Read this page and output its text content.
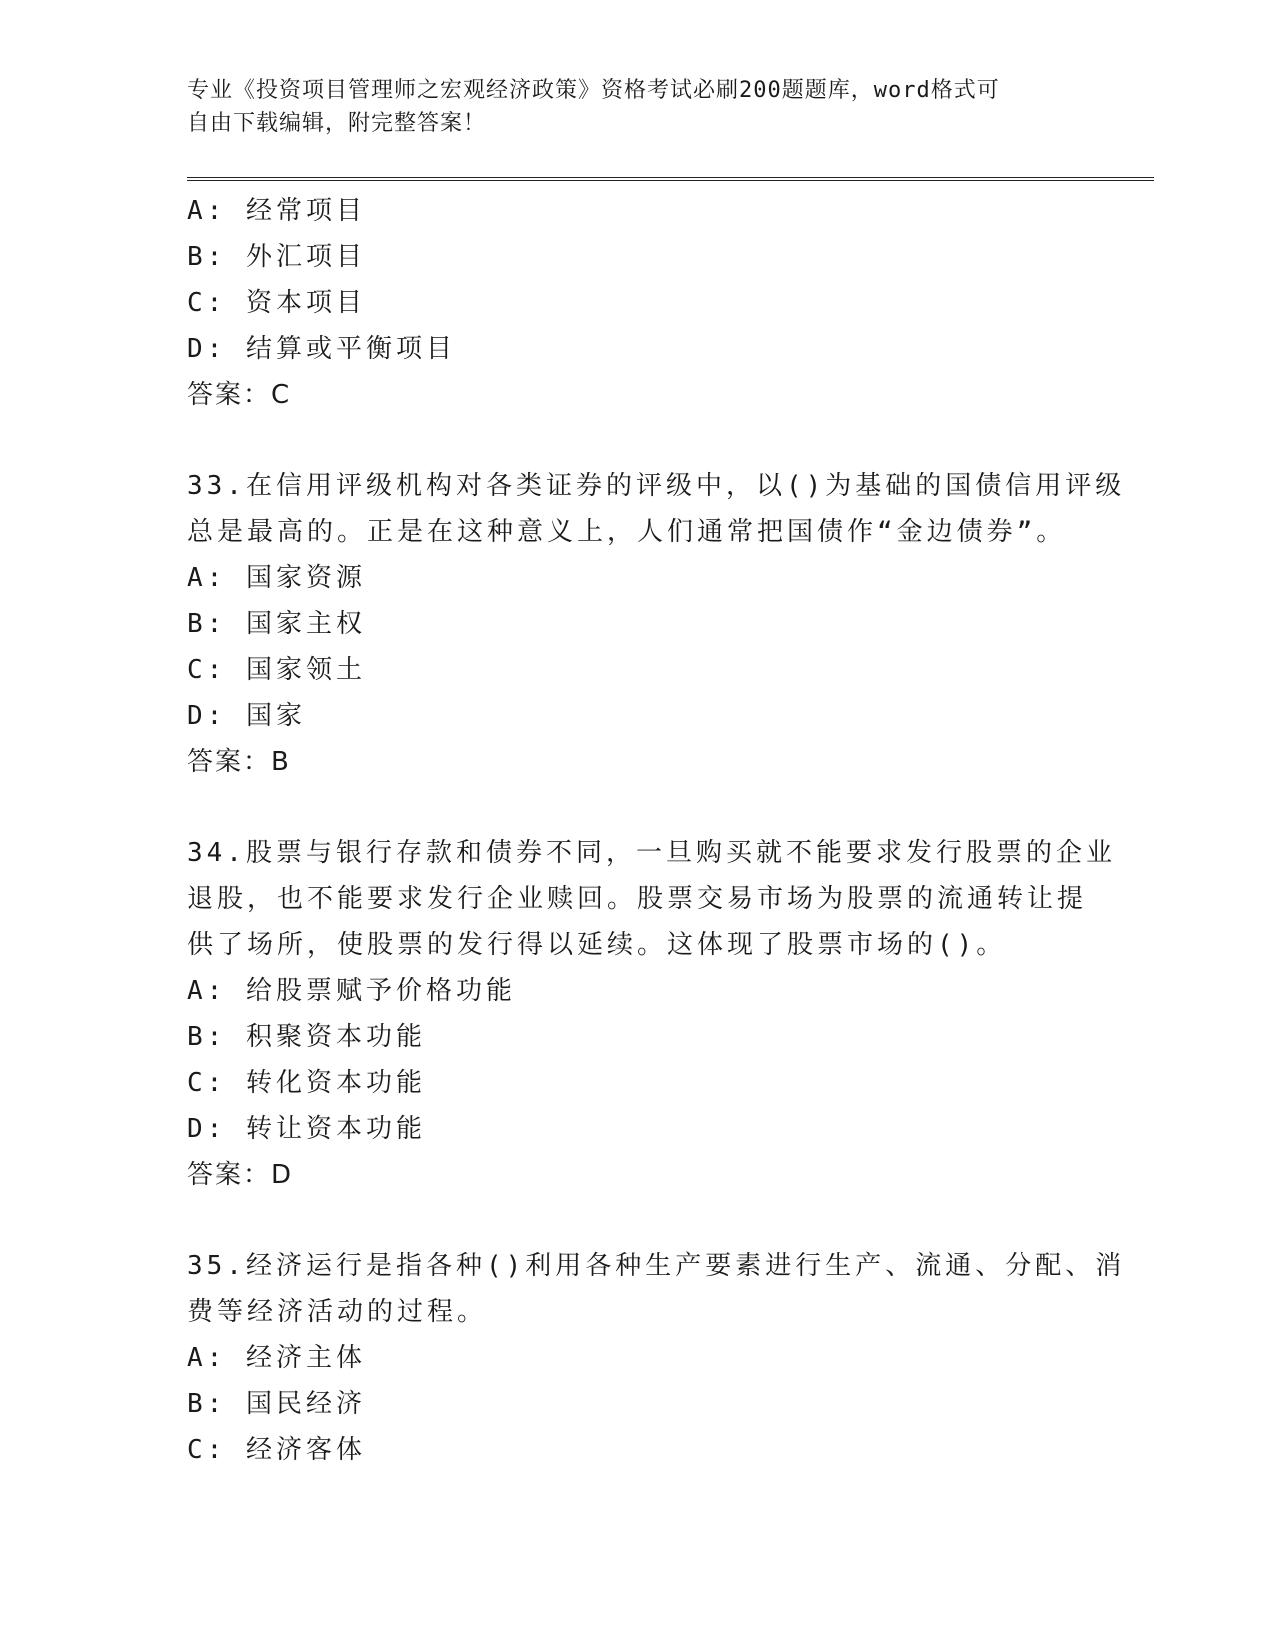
专业《投资项目管理师之宏观经济政策》资格考试必刷200题题库，word格式可
自由下载编辑，附完整答案！
A: 经常项目
B: 外汇项目
C: 资本项目
D: 结算或平衡项目
答案：C
33.在信用评级机构对各类证券的评级中，以()为基础的国债信用评级
总是最高的。正是在这种意义上，人们通常把国债作“金边债券”。
A: 国家资源
B: 国家主权
C: 国家领土
D: 国家
答案：B
34.股票与银行存款和债券不同，一旦购买就不能要求发行股票的企业
退股，也不能要求发行企业赎回。股票交易市场为股票的流通转让提
供了场所，使股票的发行得以延续。这体现了股票市场的()。
A: 给股票赋予价格功能
B: 积聚资本功能
C: 转化资本功能
D: 转让资本功能
答案：D
35.经济运行是指各种()利用各种生产要素进行生产、流通、分配、消
费等经济活动的过程。
A: 经济主体
B: 国民经济
C: 经济客体
